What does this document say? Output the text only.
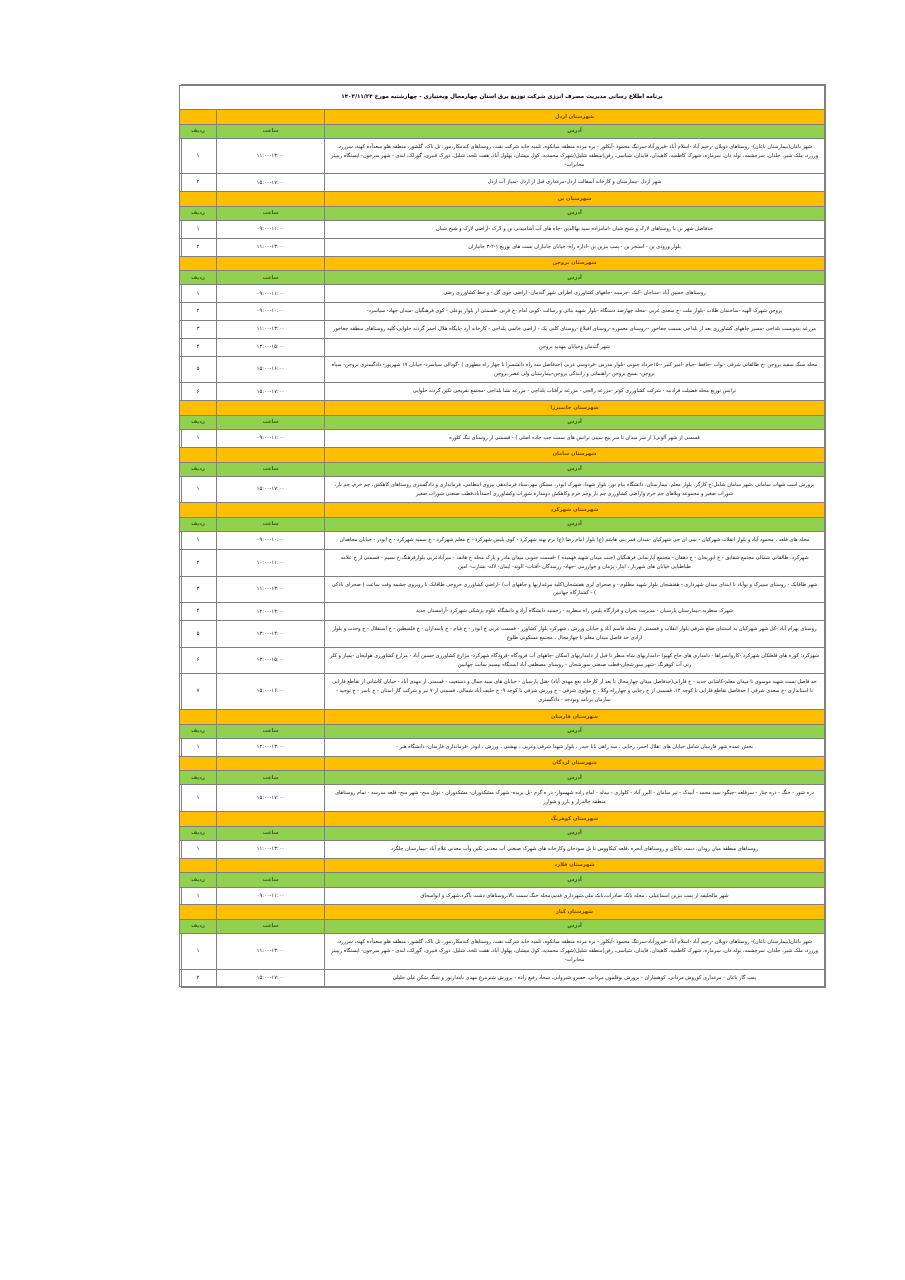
برنامه اطلاع رسانی مدیریت مصرف انرژی شرکت توزیع برق استان چهارمحال وبختیاری - چهارشنبه مورخ ۱۴۰۳/۱۱/۲۴		
شهرستان اردل		
آدرس	ساعت	ردیف
شهر ناغان(بیمارستان ناغان)- روستاهای دویلان -رحیم آباد -اسلام آباد -فیروزآباد-سرتنگ محمود -آبکلور - بره مرده منطقه میانکوه، تلمبه خانه شرکت نفت، روستاهای کندمکار،مور، تل ناک، گلشور، منطقه هلو سعدآده کهنه، سرزرد، ورزرد، ملک شیر، جلدان، سرچشمه، توله دان، سرمازه، شهرک کاظمیه، کاهیدان، قایدان، شیاسی، رفن)منطقه شلیل(شهرک محمدیه، کول میشان، پهلول آباد، هفت تلخه، شلیل، دورک قنبری، گوزلک، لندی - شهر سرخون- ایستگاه ریپیتر مخابرات-	۱۱:۰۰-۱۳:۰۰	۱
شهر اردل -بیمارستان و کارخانه آسفالت اردل-مرغداری قبل از اردل -پمپاژ آب اردل	۱۵:۰۰-۱۷:۰۰	۲
شهرستان بن		
آدرس	ساعت	ردیف
حدفاصل شهر بن تا روستاهای لارک و شیخ شبان -امامزاده سید بهاالدین -چاه های آب آشامیدنی بن و لارک -اراضی لارک و شیخ شبان	۰۹:۰۰-۱۱:۰۰	۱
بلوار ورودی بن - استخر بن - پمپ بنزین بن -اداره راه- خیابان جانبازان پست های توزیع ۱-۲-۳ جانبازان	۱۱:۰۰-۱۳:۰۰	۲
شهرستان بروجن		
آدرس	ساعت	ردیف
روستاهای حسین آباد -سناجان -کنک -چرمینه -چاههای کشاورزی اطراف شهر گندمان- اراضی جوی گل - و خط کشاورزی رضی	۰۹:۰۰-۱۱:۰۰	۱
بروجن شهرک الهیه -ساختمان طلاب -بلوار ملت -خ سعدی غربی -محله چهارصد دستگاه -بلوار شهید بنائی و رسالت -کوبی امام -خ قرنی -قسمتی از بلوار بوعلی - کوی فرهنگیان -میدان جهاد- سیاسرد-	۰۹:۰۰-۱۰:۰۰	۲
مزرعه بندوبست بلداجی -مسیر چاههای کشاورزی بعد از بلداجی بسمت چغاخور --روستای معموره -روستای اقبلاغ -روستای کلبی بک - اراضی خاتمی بلداجی - کارخانه آرد -پایگاه هلال احمر گردنه حلوایی-کلیه روستاهای منطقه چغاخور	۱۱:۰۰-۱۳:۰۰	۳
شهر گندمان وخیابان مهدیه بروجن	۱۳:۰۰-۱۵:۰۰	۴
محله سنگ سفید بروجن -خ طالقانی شرقی -نواب -حافظ -خیام -امیر کبیر --۱۵خرداد جنوبی -بلوار مدرس -فردوسی غربی (حدفاصل سه راه دانشسرا تا چهار راه مطهری ) -گودالی سیاسرد- خیابان ۱۷ شهریور- دادگستری بروجن- سپاه بروجن- بسیج بروجن -راهنمایی و رانندگی بروجن-بیمارستان ولی عصر بروجن	۱۵:۰۰-۱۶:۰۰	۵
ترانس توزیع محله فضیلت فرادنبه - شرکت کشاورزی کوثر -مزرعه زالجی - مزرعه برآفتاب بلداجی - مزرعه تشا بلداجی -مجتمع تفریحی تکین گردنه حلوایی	۱۵:۰۰-۱۷:۰۰	۶
شهرستان خانمیرزا		
آدرس	ساعت	ردیف
قسمتی از شهر آلونی( از سر میدان تا سر پیچ سیبی ترانس های سمت چپ جاده اصلی ) - قسمتی از روستای تنگ کلوره	۰۹:۰۰-۱۱:۰۰	۱
شهرستان سامان		
آدرس	ساعت	ردیف
پرورش اسب شهاب سامانی ،شهر سامان شامل:خ کارگر، بلوار معلم، بیمارستان، دانشگاه پیام نور، بلوار شهدا، شهرک ابوذر، مسکن مهر،ستاد فرماندهی نیروی انتظامی، فرمانداری و دادگستری روستاهای کاهکش، چم خرم، چم نار، شوراب صغیر و مجموعه ویلاهای چم خرم واراضی کشاورزی چم نار وچم خرم وکاهکش دومداره شوراب وکشاورزی احمدآباد،قطب صنعتی شوراب صغیر	۱۵:۰۰-۱۷:۰۰	۱
شهرستان شهرکرد		
آدرس	ساعت	ردیف
محله های قلعه ، محمود آباد و بلوار انقلاب شهرکیان - سی ان جی شهرکیان -میدان قمر بنی هاشم (ع) بلوار امام رضا (ع) برم بهنه شهرکرد - کوی پلیس شهرکرد - خ معلم شهرکرد - خ سمیه شهرکرد - خ ابوذر - خیابان مجاهدان	۰۹:۰۰-۱۰:۰۰	۱
شهرکرد: طالقانی شمالی مجتمع شقایق - خ ابوریحان - خ دهقان - مجتمع آپارتمانی فرهنگیان (جنب میدان شهید فهمیده ) -قسمت جنوبی میدان مادر و پارک محله خ هاتف - میرآبادغربی بلوارفرهنگ،خ نسیم - قسمتی از خ علامه طباطبایی خیابان های شهربار ، ایثار، پژمان و خوارزمی -جهاد- رزمندگان -آفتاب- الوند- ایمان- لاله- بشارت- امین	۱۰:۰۰-۱۱:۰۰	۲
شهر طاقانک - روستای سیبرک و نوآباد تا ابتدای میدان شهرداری - هفتشجان بلوار شهید مظلوم - و صحرای لری هفتشجان(کلیه مرغداریها و چاههای آب) -اراضی کشاورزی خروجی طاقانک تا روبروی چشمه وقت ساعت ( صحرای بادکی ) - کشتارگاه جهانبین	۱۱:۰۰-۱۳:۰۰	۳
شهرک منظریه -بیمارستان پارسیان - مدیریت بحران و قرارگاه پلیس راه منظریه - رحمتیه دانشگاه آزاد و دانشگاه علوم پزشکی شهرکرد -آرامستان جدید	۱۲:۰۰-۱۳:۰۰	۴
روستای بهرام آباد -کل شهر شهرکیان به استثنای ضلع شرقی بلوار انقلاب و قسمتی از محله قاسم آباد و خیابان ورزش ، شهرکرد بلوار کشاورز - قسمت غربی خ ابوذر - خ قیام - خ پاسداران - خ فلسطین - خ استقلال - خ وحدت و بلوار ازادی حد فاصل میدان معلم تا چهارمحال ، مجتمع مسکونی طلوع	۱۳:۰۰-۱۴:۰۰	۵
شهرکرد: کوره های قلعلکان شهرکرد -کاروانسراها - دامداری های حاج کهپوا -دامداریهای شاه منظر تا قبل از دامداریهای اسکان -چاههای آب فرودگاه -فرودگاه شهرکرد- مزارع کشاورزی حسین آباد - مزارع کشاورزی هولیجان -پمپاژ و کلر زنی آب کوهرنگ -شهر سورشجان-قطب صنعتی سورشجان - روستای مصطفی آباد ایستگاه بیسیم سابت جهانبین	۱۳:۰۰-۱۵:۰۰	۶
حد فاصل پست شهید موسوی تا میدان معلم-کاشانی جدید - خ فارابی(حدفاصل میدان چهارمحال تا بعد از کارخانه بعع مهدی آباد) -هتل پارسیان - خیابان های سید جمال و دستغیب - قسمتی از مهدی آباد - خیابان کاشانی از تقاطع فارابی تا استانداری -خ سعدی شرقی ( حدفاصل تقاطع فارابی تا کوچه ۱۴، قسمتی از خ رجایی و چهارراه وکلا ، خ مولوی شرقی - خ ورزش شرقی تا کوچه ۹- خ خلیف آباد شمالی، قسمتی از ۷ تیر و شرکت گاز استان - خ یاسر - خ توحید - سازمان برنامه وبودجه - دادگستری	۱۵:۰۰-۱۶:۰۰	۷
شهرستان فارسان		
آدرس	ساعت	ردیف
بخش عمده شهر فارسان شامل خیابان های :هلال احمر، رجایی ، سه راهی بابا حیدر ، بلوار شهدا شرقی وغربی ، بهشتی ، ورزش ، ابوذر -فرمانداری فارسان- دانشگاه هنر -	۱۲:۰۰-۱۳:۰۰	۱
شهرستان لردگان		
آدرس	ساعت	ردیف
دره شور - خنگ - دره چنار - سرقلعه -چیگو- سید محمد - آبیدک - تیر سامان - البرز آباد - کلواری - بیدله - امام زاده شهسوار- در ه گرم -پل بریده- شهرک مشکدوزان- مشکدوزان - نوئل منج- شهر منج- قلعه مدرسه - تمام روستاهای منطقه چالدراز و بارز و شوارز	۱۵:۰۰-۱۷:۰۰	۱
شهرستان کوهرنگ		
آدرس	ساعت	ردیف
روستاهای منطقه میان رودان، دبمه، تیاکان و روستاهای آبحره ،قلعه کیکاووس تا پل سودجان وکارخانه های شهرک صنعتی آب معدنی تکین وآب معدنی غلام آباد -بیمارستان چلگرد	۱۱:۰۰-۱۳:۰۰	۱
شهرستان فلارد		
آدرس	ساعت	ردیف
شهر مالخلیفه از پمپ بنزین اسماعیلی ، محله بانک صادرات،بانک ملی،شهرداری قدیم،محله خنگ سمت بالا،روستاهای دشت پاگرد،شهرک و ابواسحاق	۰۹:۰۰-۱۱:۰۰	۱
شهرستان کیار		
آدرس	ساعت	ردیف
شهر ناغان(بیمارستان ناغان)- روستاهای دویلان -رحیم آباد -اسلام آباد -فیروزآباد-سرتنگ محمود -آبکلور - بره مرده منطقه میانکوه، تلمبه خانه شرکت نفت، روستاهای کندمکار،مور، تل ناک، گلشور، منطقه هلو سعدآده کهنه، سرزرد، ورزرد، ملک شیر، جلدان، سرچشمه، توله دان، سرمازه، شهرک کاظمیه، کاهیدان، قایدان، شیاسی، رفن)منطقه شلیل(شهرک محمدیه، کول میشان، پهلول آباد، هفت تلخه، شلیل، دورک قنبری، گوزلک، لندی - شهر سرخون- ایستگاه ریپیتر مخابرات-	۱۱:۰۰-۱۳:۰۰	۱
پمپ گاز ناغان - مرغداری کوروش مردانی، کوهساران - پرورش بوقلمون مردانی، خسرو شیروانی، سجاد رفیع زاده - پرورش شترمرغ مهدی نامداریور و سنگ شکن علی خلیلی	۱۵:۰۰-۱۷:۰۰	۲
